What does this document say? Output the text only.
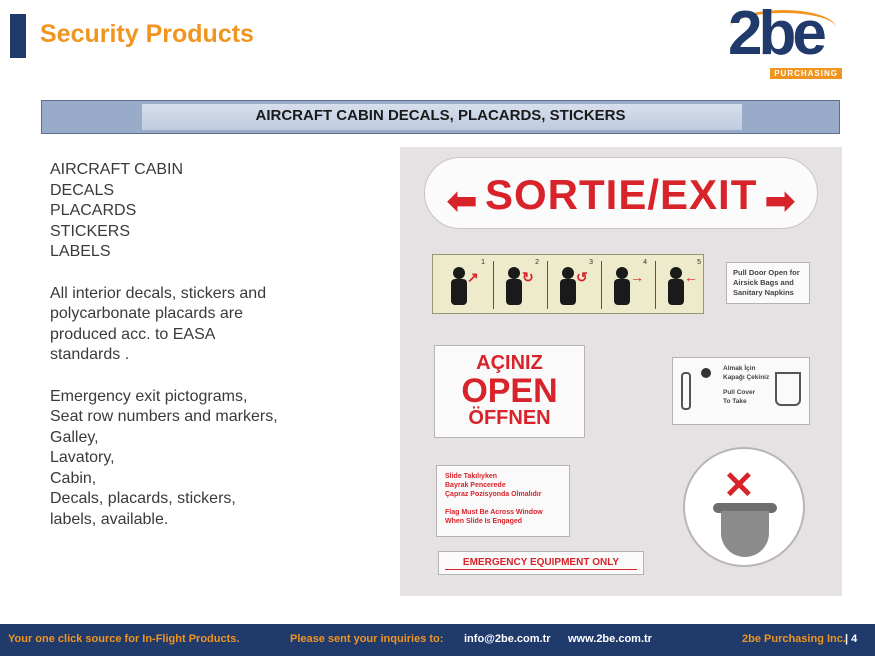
Security Products	2be
PURCHASING
AIRCRAFT CABIN DECALS, PLACARDS, STICKERS
AIRCRAFT CABIN
DECALS
PLACARDS
STICKERS
LABELS
All interior decals, stickers and
polycarbonate placards are
produced acc. to EASA
standards .
Emergency exit pictograms,
Seat row numbers and markers,
Galley,
Lavatory,
Cabin,
Decals, placards, stickers,
labels, available.
⬅ SORTIE/EXIT ➡
↗
1
↻
2
↺
3
→
4
←
5
Pull Door Open for
Airsick Bags and
Sanitary Napkins
AÇINIZ
OPEN
ÖFFNEN
Almak İçin
Kapağı Çekiniz
Pull Cover
To Take
Slide Takılıyken
Bayrak Pencerede
Çapraz Pozisyonda Olmalıdır
Flag Must Be Across Window
When Slide Is Engaged
EMERGENCY EQUIPMENT ONLY
✕
Your one click source for In-Flight Products.	Please sent your inquiries to: info@2be.com.tr www.2be.com.tr	2be Purchasing Inc. | 4
